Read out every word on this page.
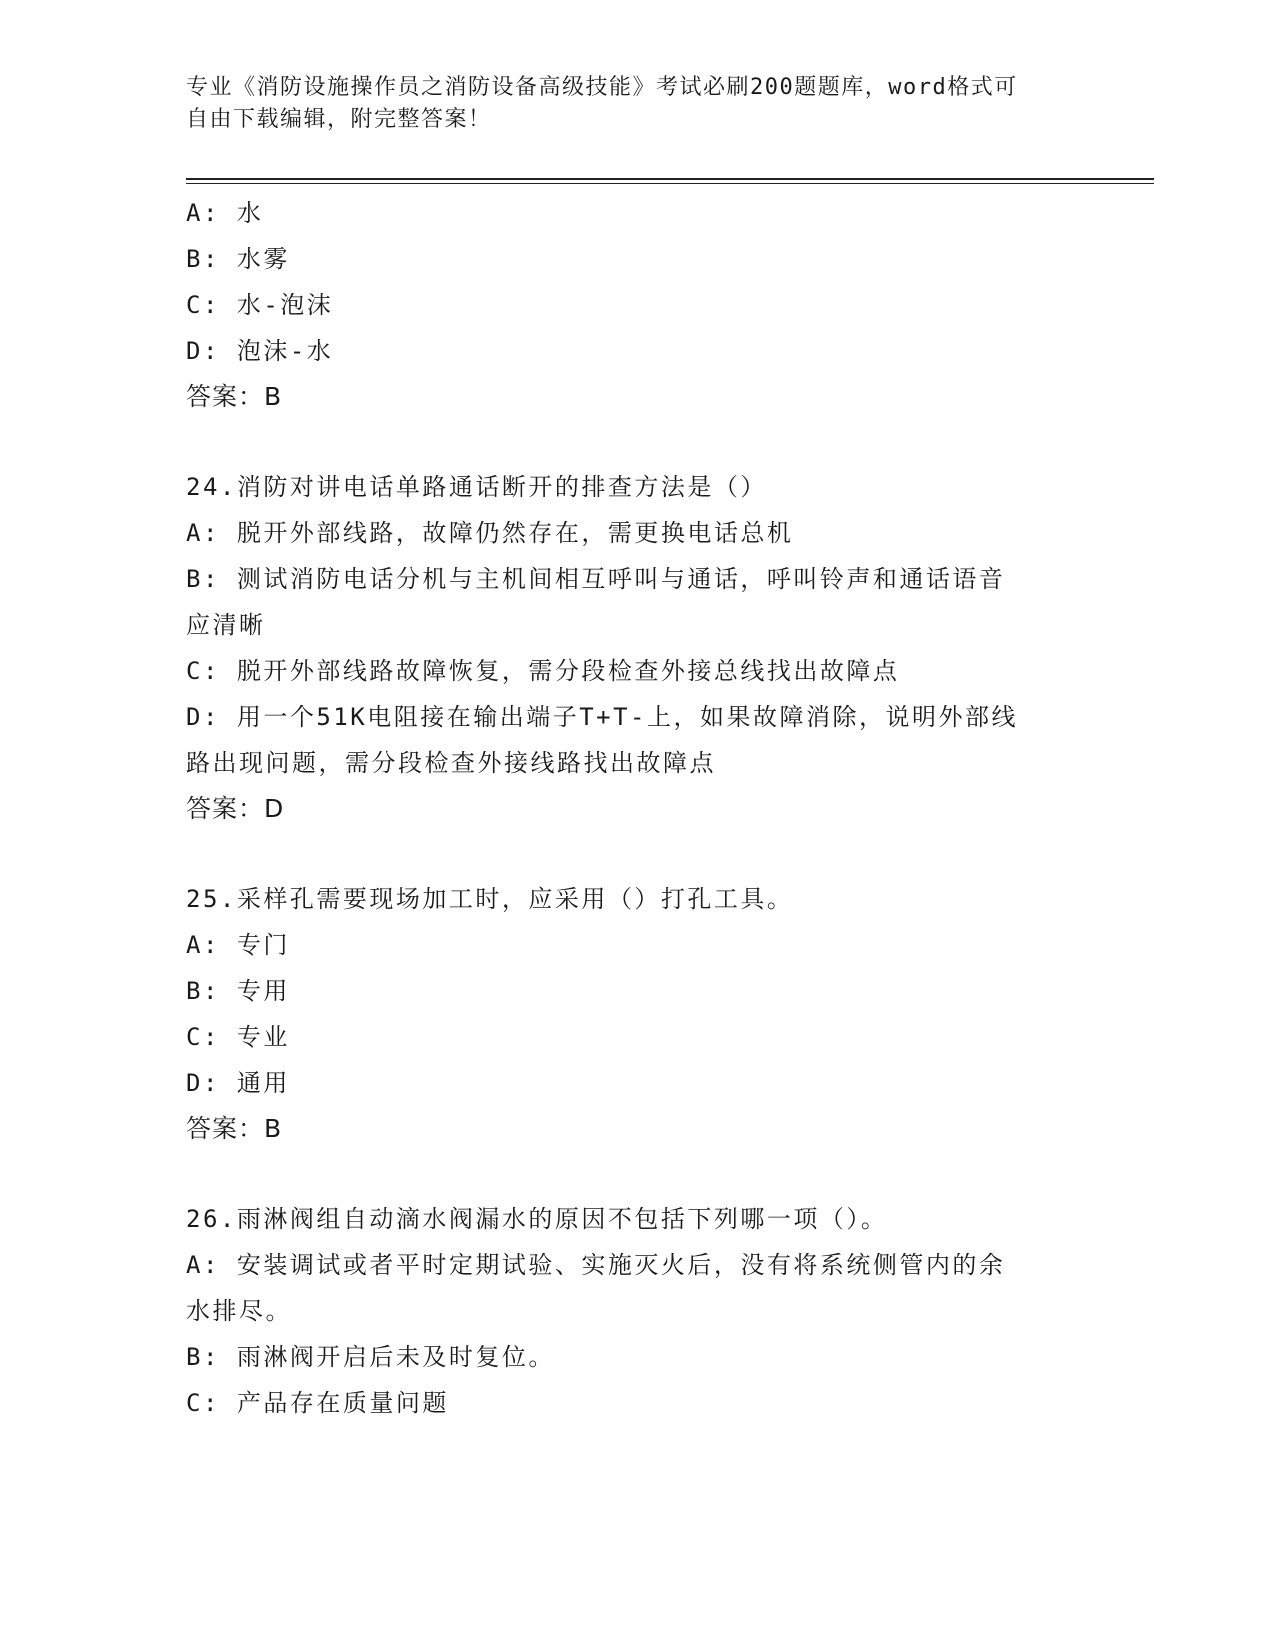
专业《消防设施操作员之消防设备高级技能》考试必刷200题题库，word格式可
自由下载编辑，附完整答案！
A: 水
B: 水雾
C: 水-泡沫
D: 泡沫-水
答案：B
24.消防对讲电话单路通话断开的排查方法是（）
A: 脱开外部线路，故障仍然存在，需更换电话总机
B: 测试消防电话分机与主机间相互呼叫与通话，呼叫铃声和通话语音
应清晰
C: 脱开外部线路故障恢复，需分段检查外接总线找出故障点
D: 用一个51K电阻接在输出端子T+T-上，如果故障消除，说明外部线
路出现问题，需分段检查外接线路找出故障点
答案：D
25.采样孔需要现场加工时，应采用（）打孔工具。
A: 专门
B: 专用
C: 专业
D: 通用
答案：B
26.雨淋阀组自动滴水阀漏水的原因不包括下列哪一项（）。
A: 安装调试或者平时定期试验、实施灭火后，没有将系统侧管内的余
水排尽。
B: 雨淋阀开启后未及时复位。
C: 产品存在质量问题
